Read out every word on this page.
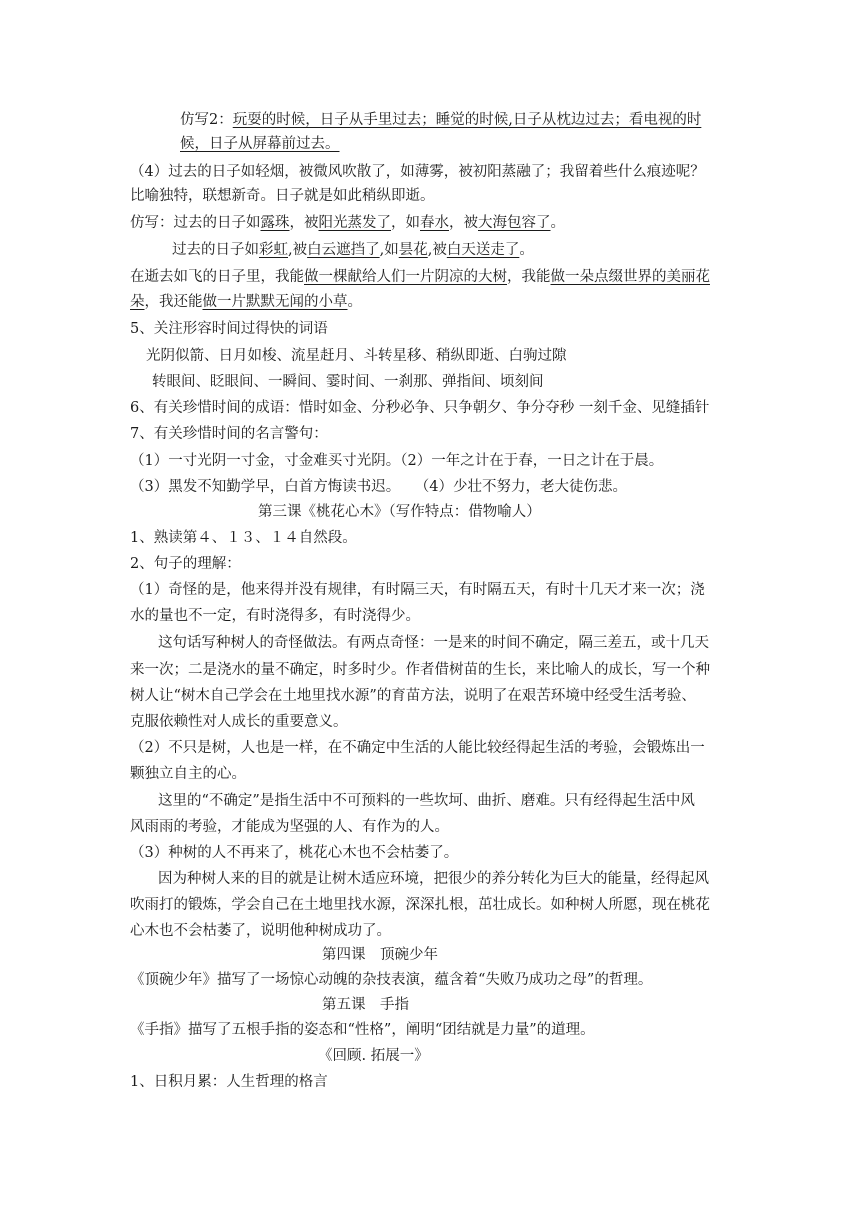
仿写2：玩耍的时候，日子从手里过去；睡觉的时候,日子从枕边过去；看电视的时
候，日子从屏幕前过去。
（4）过去的日子如轻烟，被微风吹散了，如薄雾，被初阳蒸融了；我留着些什么痕迹呢？
比喻独特，联想新奇。日子就是如此稍纵即逝。
仿写：过去的日子如露珠，被阳光蒸发了，如春水，被大海包容了。
过去的日子如彩虹,被白云遮挡了,如昙花,被白天送走了。
在逝去如飞的日子里，我能做一棵献给人们一片阴凉的大树，我能做一朵点缀世界的美丽花
朵，我还能做一片默默无闻的小草。
5、关注形容时间过得快的词语
光阴似箭、日月如梭、流星赶月、斗转星移、稍纵即逝、白驹过隙
转眼间、眨眼间、一瞬间、霎时间、一刹那、弹指间、顷刻间
6、有关珍惜时间的成语：惜时如金、分秒必争、只争朝夕、争分夺秒 一刻千金、见缝插针
7、有关珍惜时间的名言警句：
（1）一寸光阴一寸金，寸金难买寸光阴。（2）一年之计在于春，一日之计在于晨。
（3）黑发不知勤学早，白首方悔读书迟。　　（4）少壮不努力，老大徒伤悲。
第三课《桃花心木》（写作特点：借物喻人）
1、熟读第４、１３、１４自然段。
2、句子的理解：
（1）奇怪的是，他来得并没有规律，有时隔三天，有时隔五天，有时十几天才来一次；浇
水的量也不一定，有时浇得多，有时浇得少。
这句话写种树人的奇怪做法。有两点奇怪：一是来的时间不确定，隔三差五，或十几天
来一次；二是浇水的量不确定，时多时少。作者借树苗的生长，来比喻人的成长，写一个种
树人让“树木自己学会在土地里找水源”的育苗方法，说明了在艰苦环境中经受生活考验、
克服依赖性对人成长的重要意义。
（2）不只是树，人也是一样，在不确定中生活的人能比较经得起生活的考验，会锻炼出一
颗独立自主的心。
这里的“不确定”是指生活中不可预料的一些坎坷、曲折、磨难。只有经得起生活中风
风雨雨的考验，才能成为坚强的人、有作为的人。
（3）种树的人不再来了，桃花心木也不会枯萎了。
因为种树人来的目的就是让树木适应环境，把很少的养分转化为巨大的能量，经得起风
吹雨打的锻炼，学会自己在土地里找水源，深深扎根，茁壮成长。如种树人所愿，现在桃花
心木也不会枯萎了，说明他种树成功了。
第四课　顶碗少年
《顶碗少年》描写了一场惊心动魄的杂技表演，蕴含着“失败乃成功之母”的哲理。
第五课　手指
《手指》描写了五根手指的姿态和“性格”，阐明“团结就是力量”的道理。
《回顾. 拓展一》
1、日积月累：人生哲理的格言
